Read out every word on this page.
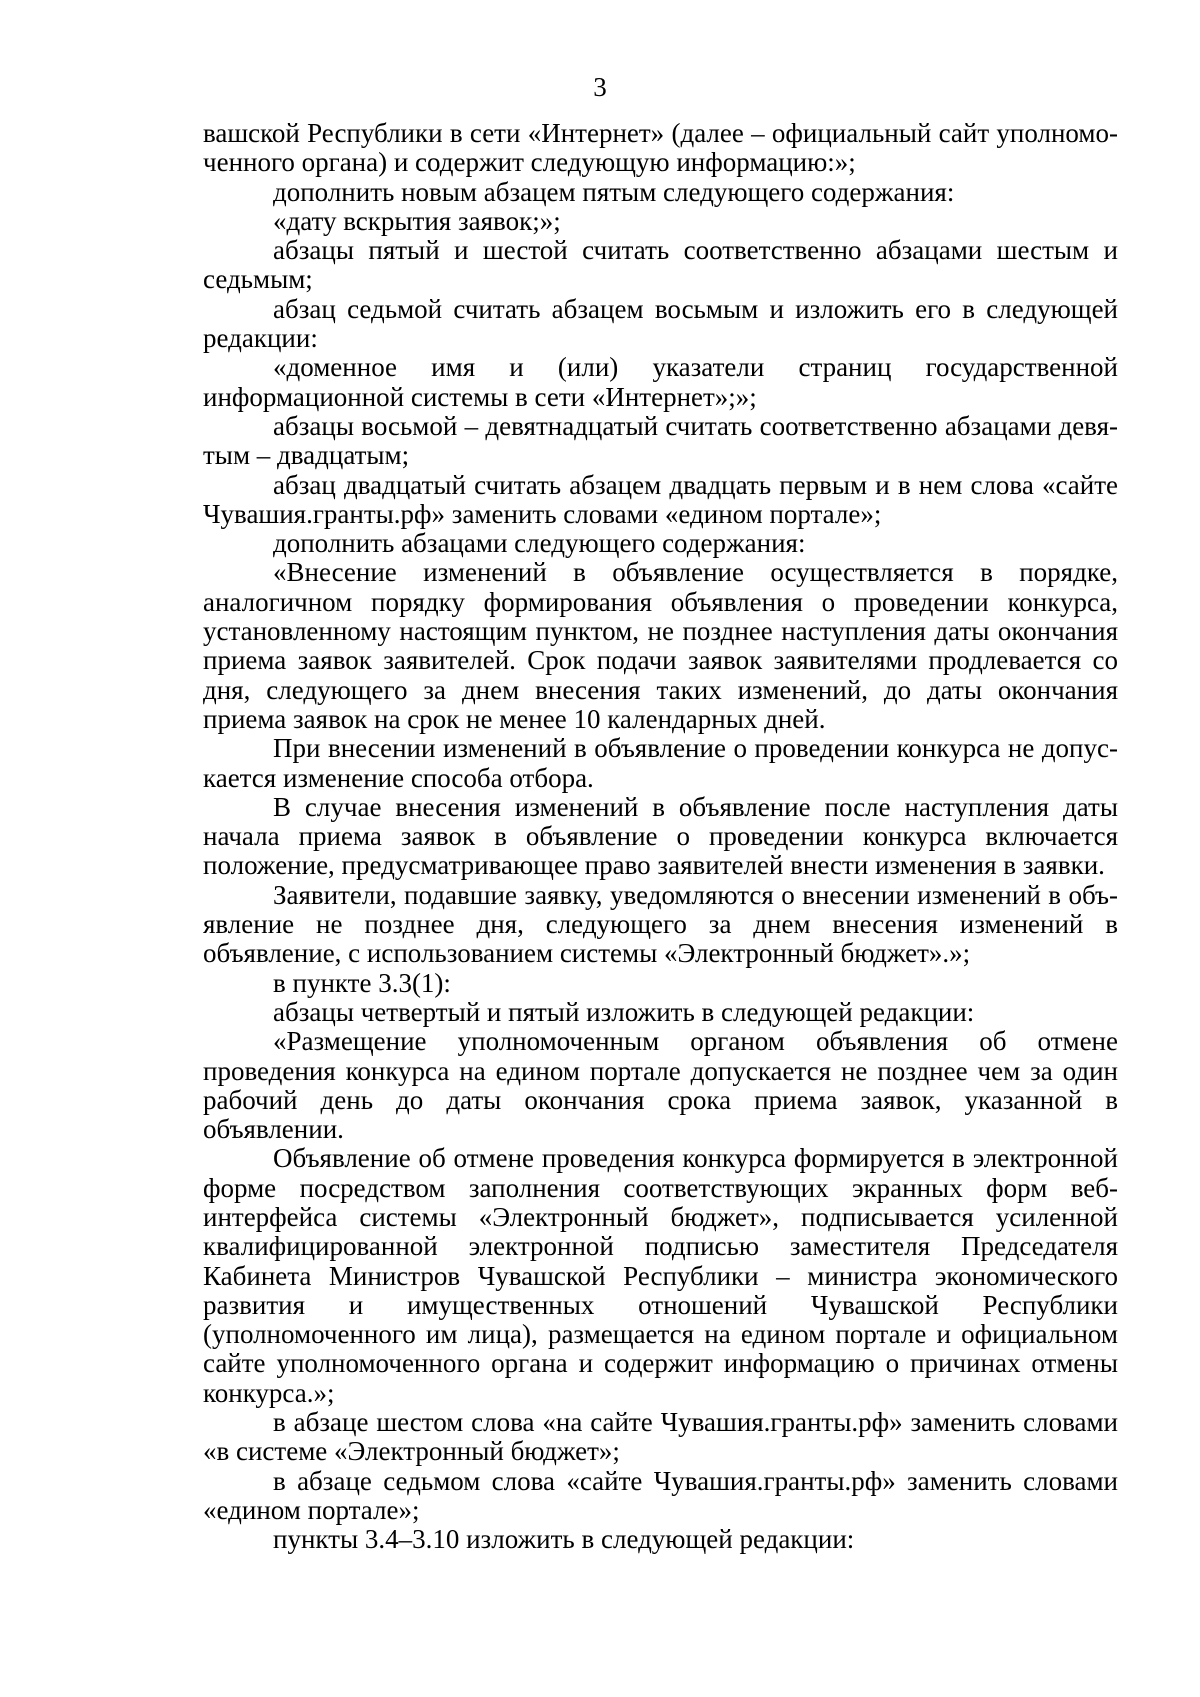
3

вашской Республики в сети «Интернет» (далее – официальный сайт уполномоченного органа) и содержит следующую информацию:»;

дополнить новым абзацем пятым следующего содержания:

«дату вскрытия заявок;»;

абзацы пятый и шестой считать соответственно абзацами шестым и седьмым;

абзац седьмой считать абзацем восьмым и изложить его в следующей редакции:

«доменное имя и (или) указатели страниц государственной информационной системы в сети «Интернет»;»;

абзацы восьмой – девятнадцатый считать соответственно абзацами девятым – двадцатым;

абзац двадцатый считать абзацем двадцать первым и в нем слова «сайте Чувашия.гранты.рф» заменить словами «едином портале»;

дополнить абзацами следующего содержания:

«Внесение изменений в объявление осуществляется в порядке, аналогичном порядку формирования объявления о проведении конкурса, установленному настоящим пунктом, не позднее наступления даты окончания приема заявок заявителей. Срок подачи заявок заявителями продлевается со дня, следующего за днем внесения таких изменений, до даты окончания приема заявок на срок не менее 10 календарных дней.

При внесении изменений в объявление о проведении конкурса не допускается изменение способа отбора.

В случае внесения изменений в объявление после наступления даты начала приема заявок в объявление о проведении конкурса включается положение, предусматривающее право заявителей внести изменения в заявки.

Заявители, подавшие заявку, уведомляются о внесении изменений в объявление не позднее дня, следующего за днем внесения изменений в объявление, с использованием системы «Электронный бюджет».»;

в пункте 3.3(1):

абзацы четвертый и пятый изложить в следующей редакции:

«Размещение уполномоченным органом объявления об отмене проведения конкурса на едином портале допускается не позднее чем за один рабочий день до даты окончания срока приема заявок, указанной в объявлении.

Объявление об отмене проведения конкурса формируется в электронной форме посредством заполнения соответствующих экранных форм веб-интерфейса системы «Электронный бюджет», подписывается усиленной квалифицированной электронной подписью заместителя Председателя Кабинета Министров Чувашской Республики – министра экономического развития и имущественных отношений Чувашской Республики (уполномоченного им лица), размещается на едином портале и официальном сайте уполномоченного органа и содержит информацию о причинах отмены конкурса.»;

в абзаце шестом слова «на сайте Чувашия.гранты.рф» заменить словами «в системе «Электронный бюджет»;

в абзаце седьмом слова «сайте Чувашия.гранты.рф» заменить словами «едином портале»;

пункты 3.4–3.10 изложить в следующей редакции:
